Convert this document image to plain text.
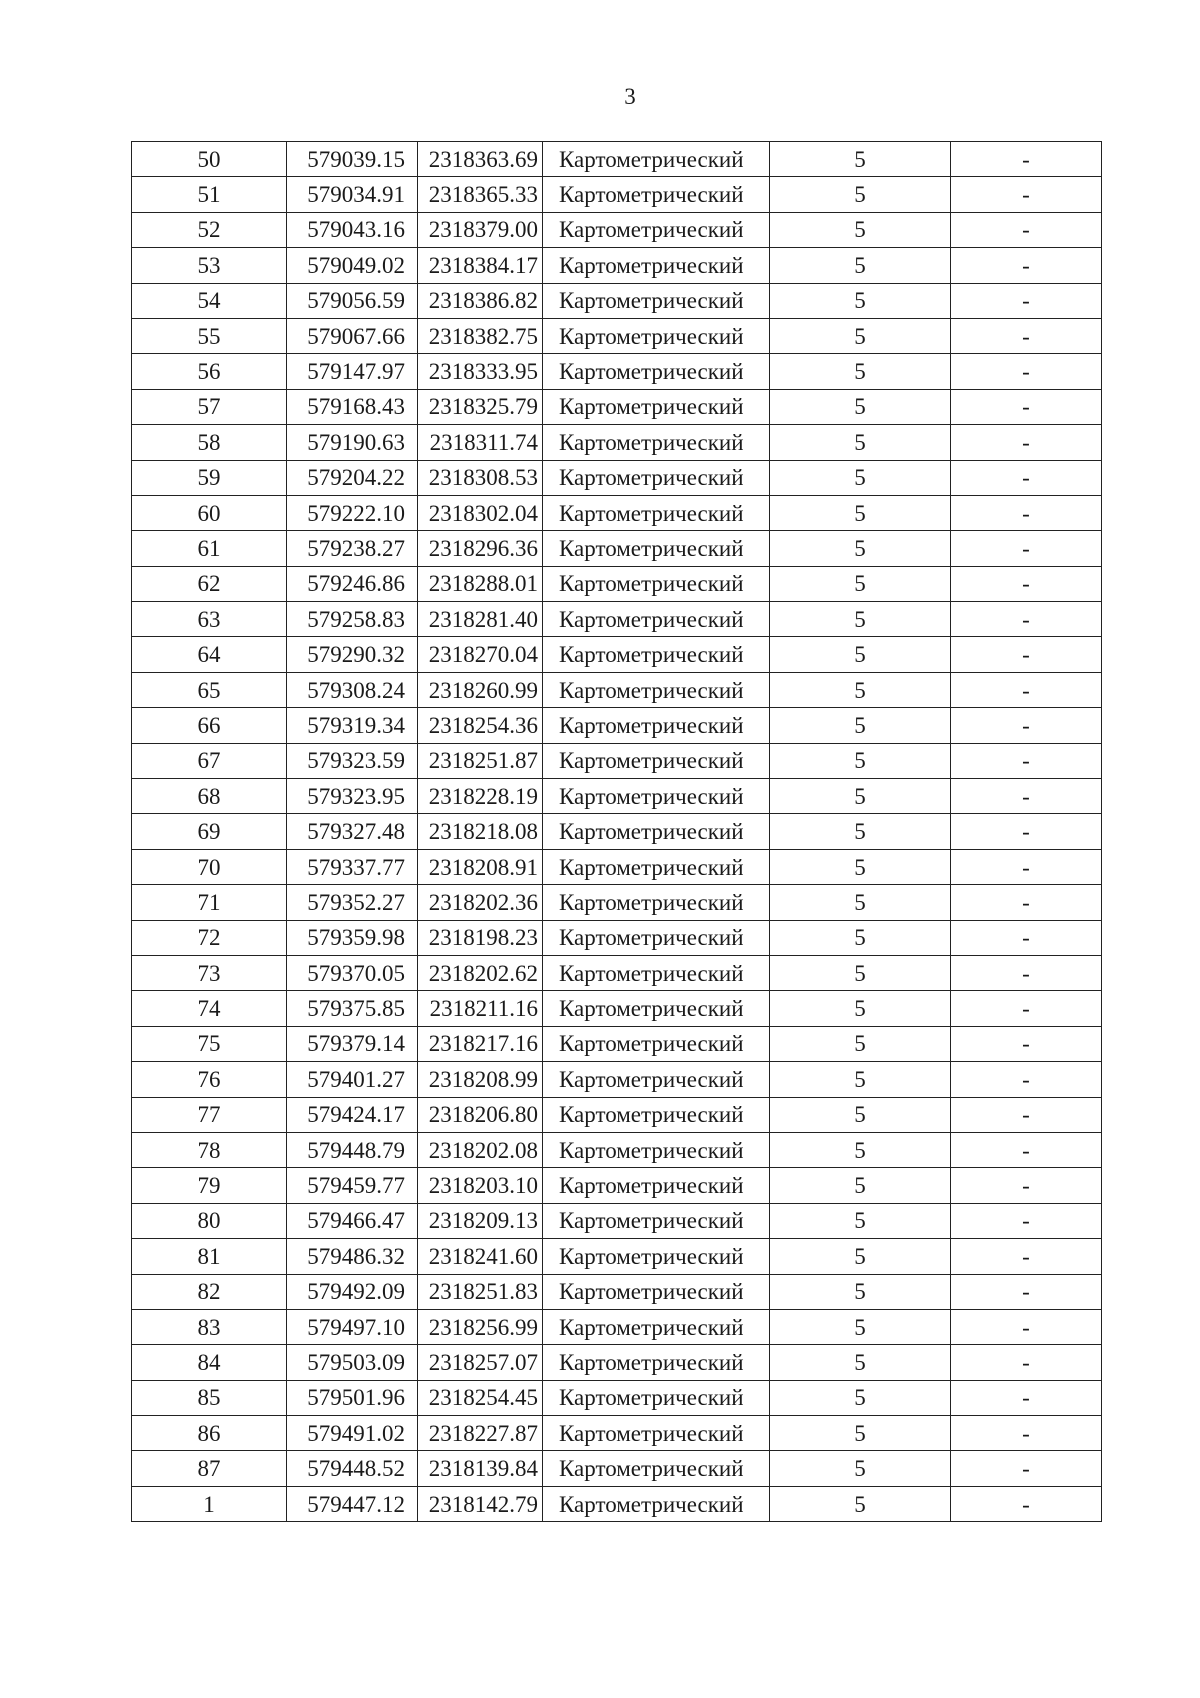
3
50	579039.15	2318363.69	Картометрический	5	-
51	579034.91	2318365.33	Картометрический	5	-
52	579043.16	2318379.00	Картометрический	5	-
53	579049.02	2318384.17	Картометрический	5	-
54	579056.59	2318386.82	Картометрический	5	-
55	579067.66	2318382.75	Картометрический	5	-
56	579147.97	2318333.95	Картометрический	5	-
57	579168.43	2318325.79	Картометрический	5	-
58	579190.63	2318311.74	Картометрический	5	-
59	579204.22	2318308.53	Картометрический	5	-
60	579222.10	2318302.04	Картометрический	5	-
61	579238.27	2318296.36	Картометрический	5	-
62	579246.86	2318288.01	Картометрический	5	-
63	579258.83	2318281.40	Картометрический	5	-
64	579290.32	2318270.04	Картометрический	5	-
65	579308.24	2318260.99	Картометрический	5	-
66	579319.34	2318254.36	Картометрический	5	-
67	579323.59	2318251.87	Картометрический	5	-
68	579323.95	2318228.19	Картометрический	5	-
69	579327.48	2318218.08	Картометрический	5	-
70	579337.77	2318208.91	Картометрический	5	-
71	579352.27	2318202.36	Картометрический	5	-
72	579359.98	2318198.23	Картометрический	5	-
73	579370.05	2318202.62	Картометрический	5	-
74	579375.85	2318211.16	Картометрический	5	-
75	579379.14	2318217.16	Картометрический	5	-
76	579401.27	2318208.99	Картометрический	5	-
77	579424.17	2318206.80	Картометрический	5	-
78	579448.79	2318202.08	Картометрический	5	-
79	579459.77	2318203.10	Картометрический	5	-
80	579466.47	2318209.13	Картометрический	5	-
81	579486.32	2318241.60	Картометрический	5	-
82	579492.09	2318251.83	Картометрический	5	-
83	579497.10	2318256.99	Картометрический	5	-
84	579503.09	2318257.07	Картометрический	5	-
85	579501.96	2318254.45	Картометрический	5	-
86	579491.02	2318227.87	Картометрический	5	-
87	579448.52	2318139.84	Картометрический	5	-
1	579447.12	2318142.79	Картометрический	5	-
